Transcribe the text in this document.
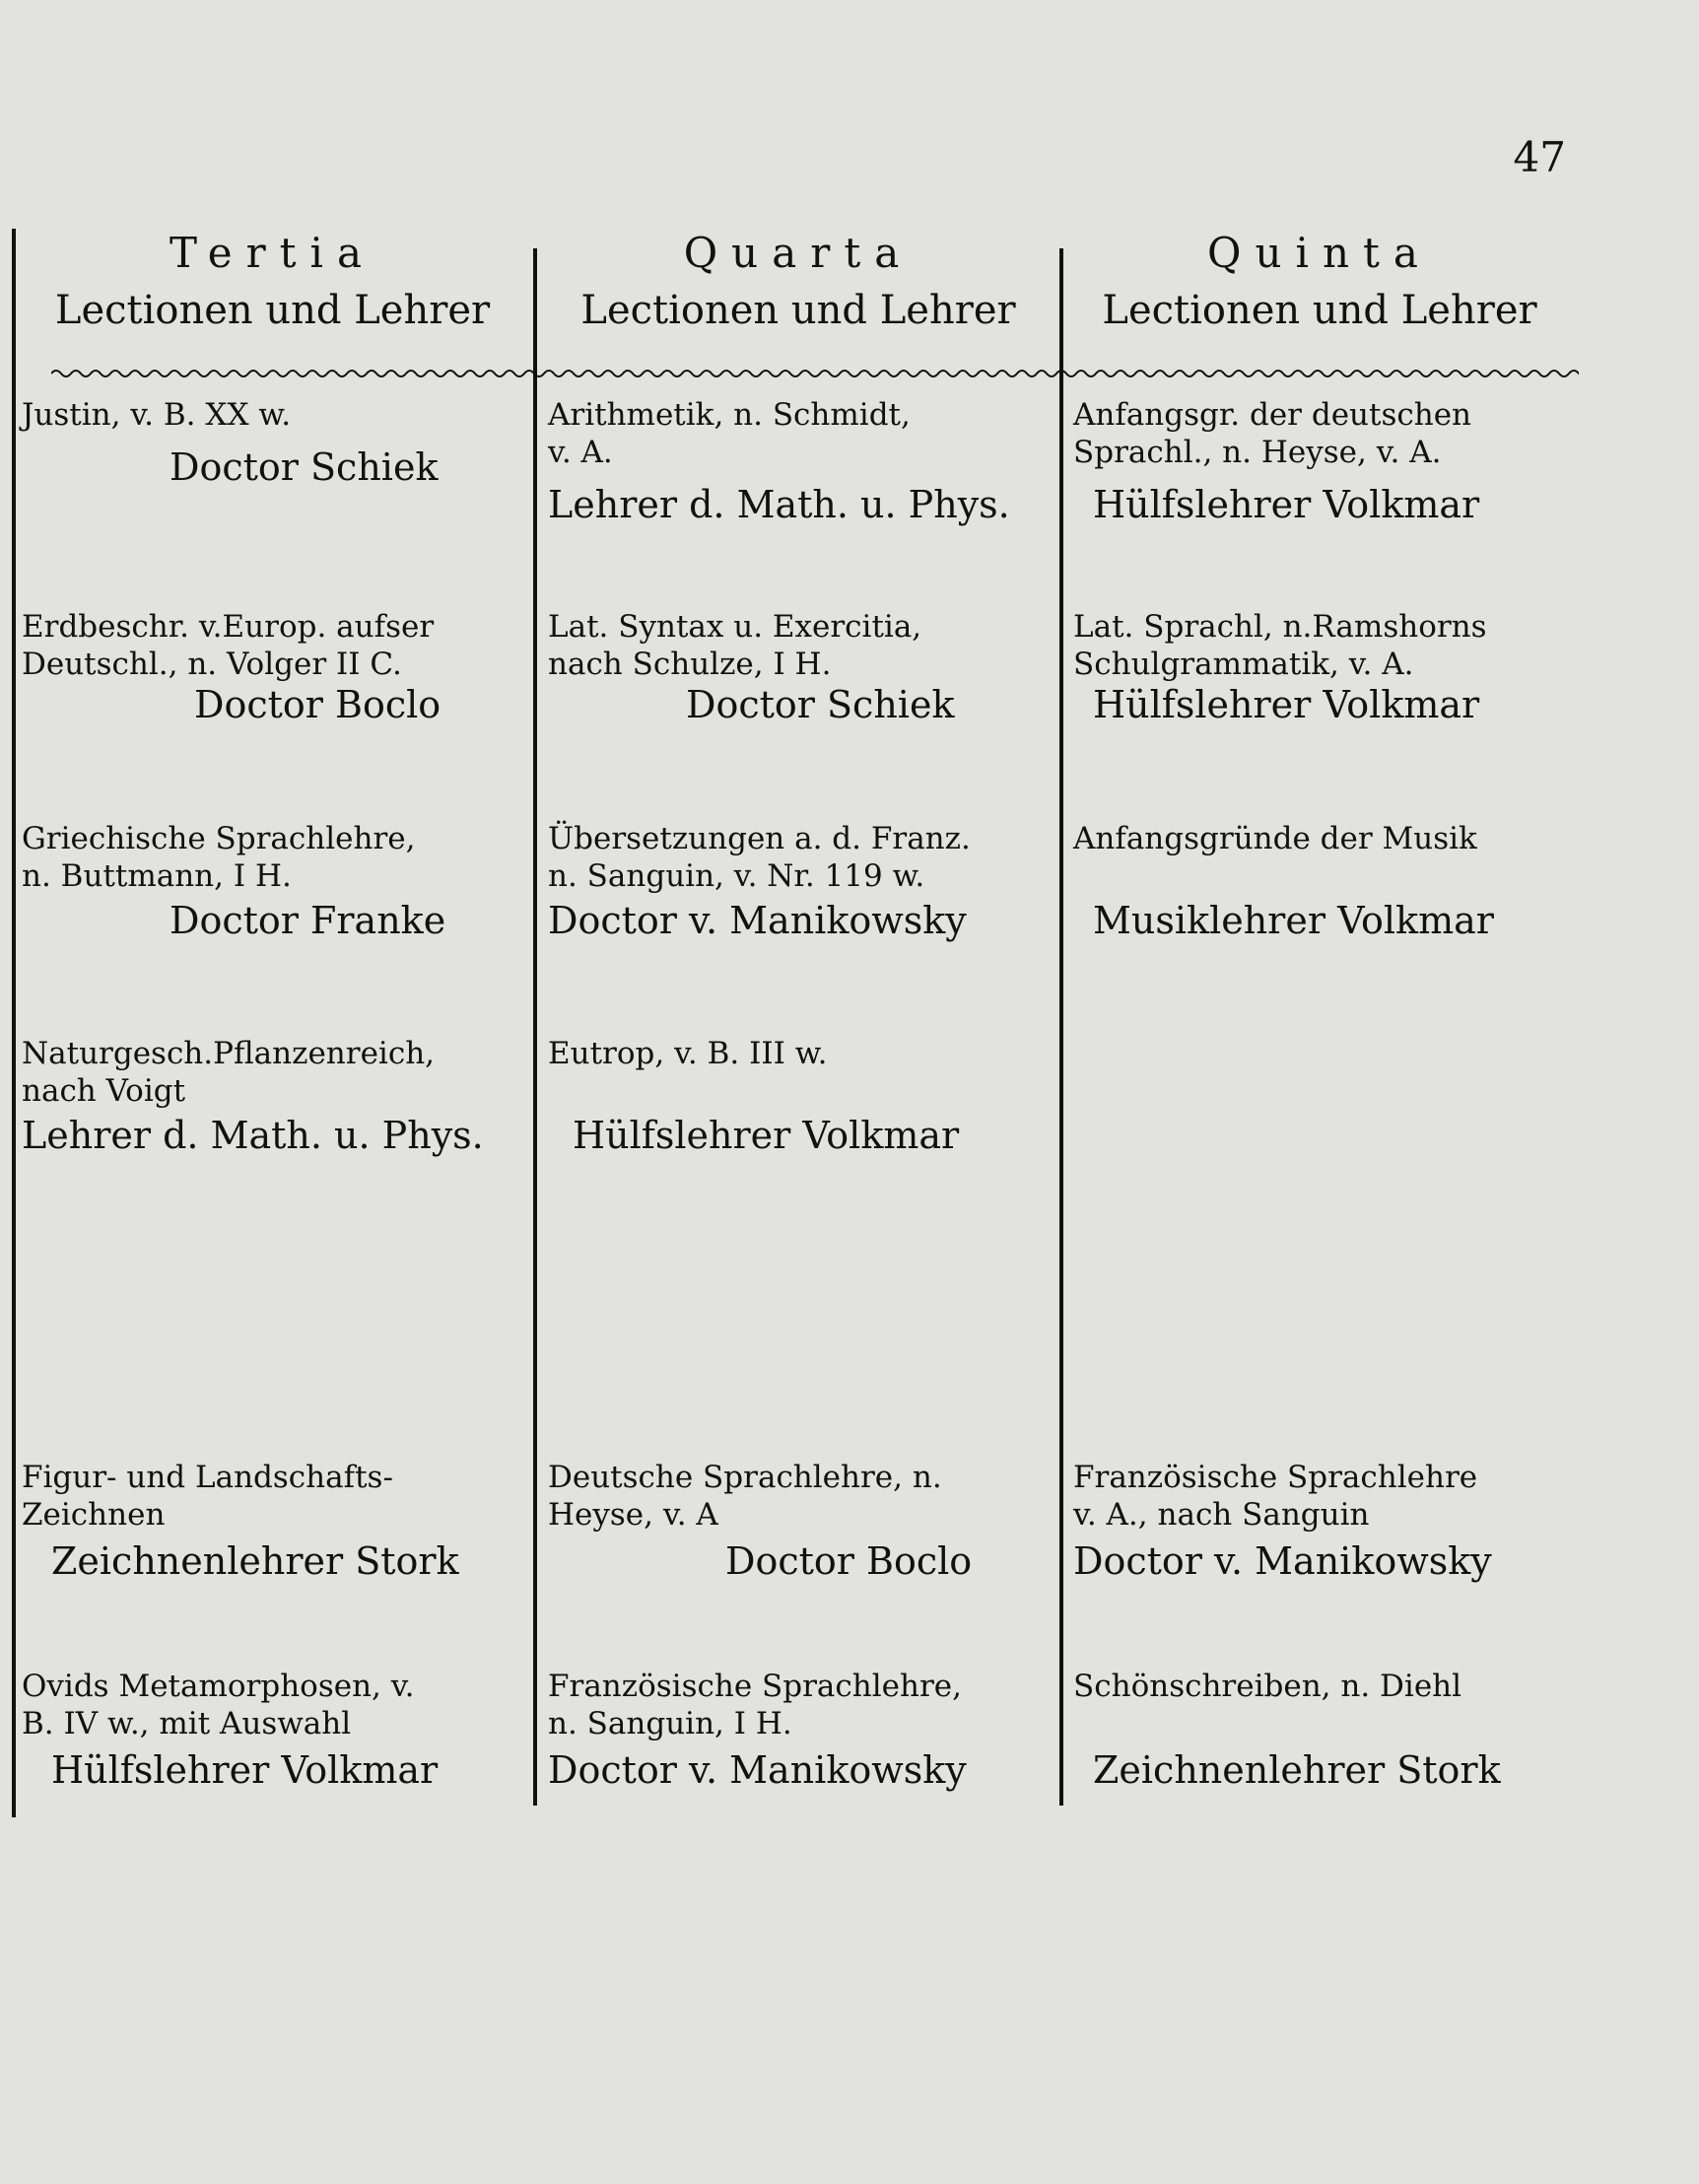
47
Tertia
Lectionen und Lehrer
Quarta
Lectionen und Lehrer
Quinta
Lectionen und Lehrer
Justin, v. B. XX w.
Doctor Schiek
Erdbeschr. v.Europ. aufser
Deutschl., n. Volger II C.
Doctor Boclo
Griechische Sprachlehre,
n. Buttmann, I H.
Doctor Franke
Naturgesch.Pflanzenreich,
nach Voigt
Lehrer d. Math. u. Phys.
Figur- und Landschafts-
Zeichnen
Zeichnenlehrer Stork
Ovids Metamorphosen, v.
B. IV w., mit Auswahl
Hülfslehrer Volkmar
Arithmetik, n. Schmidt,
v. A.
Lehrer d. Math. u. Phys.
Lat. Syntax u. Exercitia,
nach Schulze, I H.
Doctor Schiek
Übersetzungen a. d. Franz.
n. Sanguin, v. Nr. 119 w.
Doctor v. Manikowsky
Eutrop, v. B. III w.
Hülfslehrer Volkmar
Deutsche Sprachlehre, n.
Heyse, v. A
Doctor Boclo
Französische Sprachlehre,
n. Sanguin, I H.
Doctor v. Manikowsky
Anfangsgr. der deutschen
Sprachl., n. Heyse, v. A.
Hülfslehrer Volkmar
Lat. Sprachl, n.Ramshorns
Schulgrammatik, v. A.
Hülfslehrer Volkmar
Anfangsgründe der Musik
Musiklehrer Volkmar
Französische Sprachlehre
v. A., nach Sanguin
Doctor v. Manikowsky
Schönschreiben, n. Diehl
Zeichnenlehrer Stork
